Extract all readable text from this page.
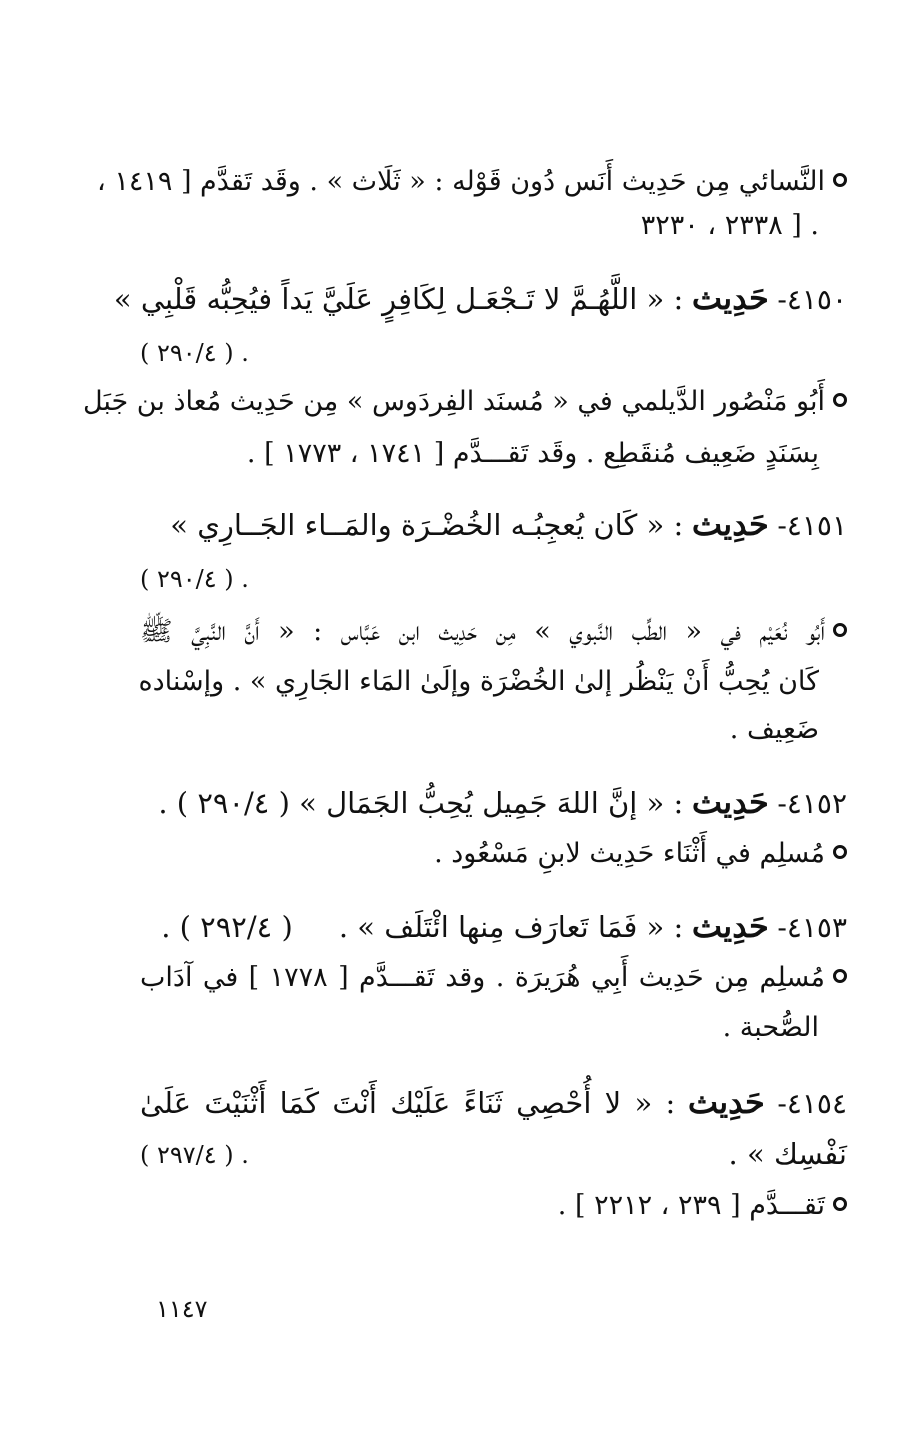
النَّسائي مِن حَدِيث أَنَس دُون قَوْله : « ثَلَاث » . وقَد تَقدَّم [ ١٤١٩ ،
. [ ٢٣٣٨ ، ٣٢٣٠
٤١٥٠- حَدِيث : « اللَّهُـمَّ لا تَـجْعَـل لِكَافِرٍ عَلَيَّ يَداً فيُحِبُّه قَلْبِي »
. ( ٢٩٠/٤ )
أَبُو مَنْصُور الدَّيلمي في « مُسنَد الفِردَوس » مِن حَدِيث مُعاذ بن جَبَل
بِسَنَدٍ ضَعِيف مُنقَطِع . وقَد تَقـــدَّم [ ١٧٤١ ، ١٧٧٣ ] .
٤١٥١- حَدِيث : « كَان يُعجِبُـه الخُضْـرَة والمَــاء الجَــارِي »
. ( ٢٩٠/٤ )
أَبُو نُعَيْم في « الطِّب النَّبوي » مِن حَدِيث ابن عَبَّاس : « أَنَّ النَّبِيَّ ﷺ
كَان يُحِبُّ أَنْ يَنْظُر إلىٰ الخُضْرَة وإلَىٰ المَاء الجَارِي » . وإسْناده
ضَعِيف .
٤١٥٢- حَدِيث : « إنَّ اللهَ جَمِيل يُحِبُّ الجَمَال » ( ٢٩٠/٤ ) .
مُسلِم في أَثْنَاء حَدِيث لابنِ مَسْعُود .
٤١٥٣- حَدِيث : « فَمَا تَعارَف مِنها ائْتَلَف » .     ( ٢٩٢/٤ ) .
مُسلِم مِن حَدِيث أَبِي هُرَيرَة . وقد تَقـــدَّم [ ١٧٧٨ ] في آدَاب
الصُّحبة .
٤١٥٤- حَدِيث : « لا أُحْصِي ثَنَاءً عَلَيْك أَنْتَ كَمَا أَثْنَيْتَ عَلَىٰ
نَفْسِك » .
. ( ٢٩٧/٤ )
تَقـــدَّم [ ٢٣٩ ، ٢٢١٢ ] .
١١٤٧
